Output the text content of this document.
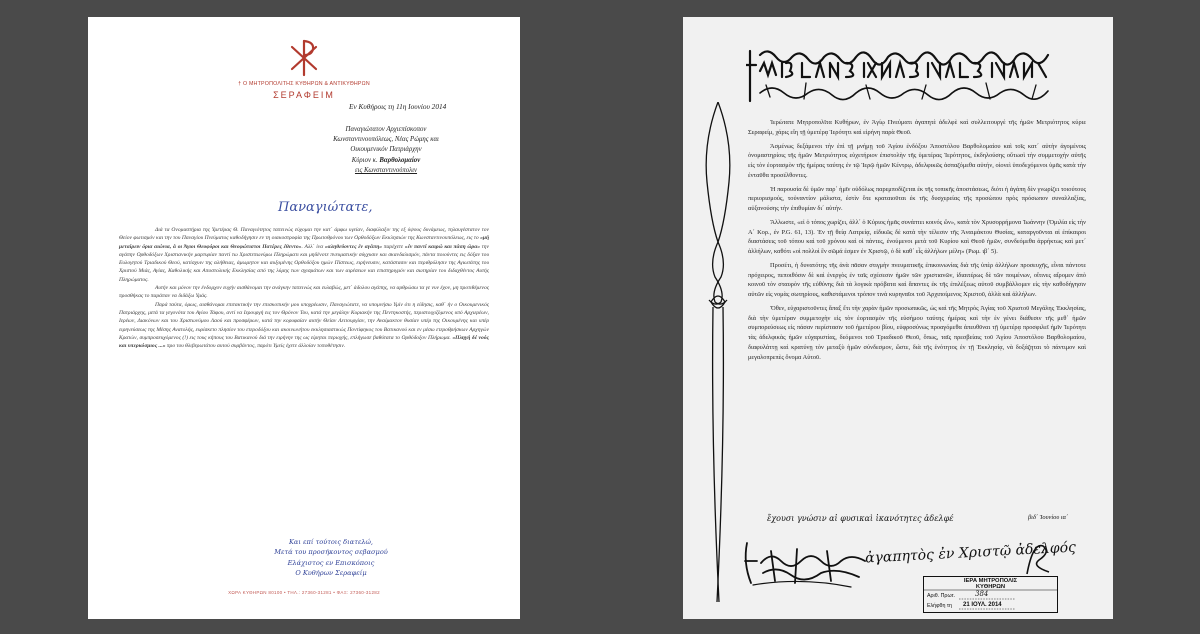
† Ο ΜΗΤΡΟΠΟΛΙΤΗΣ ΚΥΘΗΡΩΝ & ΑΝΤΙΚΥΘΗΡΩΝ
ΣΕΡΑΦΕΙΜ
Εν Κυθήροις τη 11η Ιουνίου 2014
Παναγιώτατον Αρχιεπίσκοπον
Κωνσταντινουπόλεως, Νέας Ρώμης και
Οικουμενικόν Πατριάρχην
Κύριον κ. Βαρθολομαίον
εις Κωνσταντινούπολιν
Παναγιώτατε,

Διά τα Ονομαστήρια της Υμετέρας Θ. Παναγιότητος ταπεινώς εύχομαι την κατ΄ άμφω υγείαν, διαφύλαξιν της εξ ύψους δυνάμεως, τηλαυγέστατον τον Θείον φωτισμόν και την του Παναγίου Πνεύματος καθοδήγησιν εν τη οιακοστροφία της Πρωτοθρόνου των Ορθοδόξων Εκκλησιών της Κωνσταντινουπόλεως, εις το «μή μεταίρειν όρια αιώνια, ά οι Άγιοι Θεοφόροι και Θεοφώτιστοι Πατέρες έθεντο». Αλλ΄ ίνα «αληθεύοντες έν αγάπη» παρέχετε «έν παντί καιρώ και πάση ώρα» την αγάπην Ορθοδόξων Χριστιανικήν μαρτυρίαν παντί τω Χριστεπωνύμω Πληρώματι και μηδένοτε πνευματικήν σύγχυσιν και σκανδαλισμόν, πάντα ποιούντες εις δόξαν του Ευλογητού Τριαδικού Θεού, κατίσχυιν της αλήθειας, άμωμητον και αυξομένης Ορθοδόξου ημών Πίστεως, ειρήνευσιν, κατάστασιν και περιθρύλησιν της Αγιωτάτης του Χριστού Μιάς, Αγίας, Καθολικής και Αποστολικής Εκκλησίας από της λύμης των σχισμάτων και των αιρέσεων και επιστηριγμόν και σωτηρίαν του διδαχθέντος Αυτής Πληρώματος.

Αυτήν και μόνον την ένδομχον ευχήν αισθάνομαι την ανάγκην ταπεινώς και ευλαβώς, μετ΄ άδολου αγάπης, να αρθρώσω τα γε νυν έχον, μη προτιθέμενος προσθήκας το παράπαν να διδάξω Υμάς.

Παρά ταύτα, όμως, αισθάνομαι επιτακτικήν την επισκοπικήν μου υποχρέωσιν, Παναγιώτατε, να υπομνήσω Υμίν ότι η είδησις, καθ΄ ήν ο Οικουμενικός Πατριάρχης, μετά τα γεγονότα του Αγίου Τάφου, αντί να Ιερουργή εις τον Θρόνον Του, κατά την μεγάλην Κυριακήν της Πεντηκοστής, περιστοιχιζόμενος υπό Αρχιερέων, Ιερέων, Διακόνων και του Χριστωνύμου Λαού και προσφέρων, κατά την κορυφαίαν αυτήν Θείαν Λειτουργίαν, την Αναίμακτον θυσίαν υπέρ της Οικουμένης και υπέρ ειρηνεύσεως της Μέσης Ανατολής, ευρίσκετο πλησίον του ετεροδόξου και ακοινωνήτου εκκλησιαστικώς Ποντίφηκος του Βατικανού και εν μέσω ετεροθρήσκων Αρχηγών Κρατών, συμπροσευχόμενος (!) εις τους κήπους του Βατικανού διά την ειρήνην της ως είρηται περιοχής, επλήγωσε βαθύτατα το Ορθόδοξον Πλήρωμα. «Πληγή δέ νοός και υπερκόσμιος ...» προ του θλιβερωτάτου αυτού συμβάντος, παρότι Υμείς έχετε άλλοίαν τοποθέτησιν.

Και επί τούτοις διατελώ,
Μετά του προσήκοντος σεβασμού
Ελάχιστος εν Επισκόποις
Ο Κυθήρων Σεραφείμ
ΧΩΡΑ ΚΥΘΗΡΩΝ 80100 • ΤΗΛ.: 27360-31281 • ΦΑΞ: 27360-31282

Ἱερώτατε Μητροπολῖτα Κυθήρων, ἐν Ἁγίῳ Πνεύματι ἀγαπητὲ ἀδελφὲ καὶ συλλειτουργὲ τῆς ἡμῶν Μετριότητος κύριε Σεραφείμ, χάρις εἴη τῇ ὑμετέρᾳ Ἱερότητι καὶ εἰρήνη παρὰ Θεοῦ.

Ἀσμένως δεξάμενοι τὴν ἐπὶ τῇ μνήμῃ τοῦ Ἁγίου ἐνδόξου Ἀποστόλου Βαρθολομαίου καὶ τοῖς κατ΄ αὐτὴν ἀγομένοις ὀνομαστηρίοις τῆς ἡμῶν Μετριότητος εὐχετήριον ἐπιστολὴν τῆς ὑμετέρας Ἱερότητος, ἐκδηλούσης οὕτωσὶ τὴν συμμετοχὴν αὐτῆς εἰς τὸν ἑορτασμὸν τῆς ἡμέρας ταύτης ἐν τῷ Ἱερῷ ἡμῶν Κέντρῳ, ἀδελφικῶς ἀσπαζόμεθα αὐτήν, οἱονεὶ ὑποδεχόμενοι ὑμᾶς κατὰ τὴν ἐνταῦθα προσέλθοντες.

Ἡ παρουσία δὲ ὑμῶν παρ΄ ἡμῖν οὐδόλως παρεμποδίζεται ἐκ τῆς τοπικῆς ἀποστάσεως, διότι ἡ ἀγάπη δὲν γνωρίζει τοιούτους περιορισμούς, τοὐναντίον μάλιστα, ἐστὶν ὅτε κραταιοῦται ἐκ τῆς δυσχερείας τῆς προσώπου πρὸς πρόσωπον συναλλαξίας, αὐξανούσης τὴν ἐπιθυμίαν δι΄ αὐτήν.

Ἄλλωστε, «εἰ ὁ τόπος χωρίζει, ἀλλ΄ ὁ Κύριος ἡμᾶς συνάπτει κοινός ὤν», κατὰ τὸν Χρυσορρήμονα Ἰωάννην (Ὁμιλία εἰς τὴν Α΄ Κορ., ἐν P.G. 61, 13). Ἐν τῇ θείᾳ Λατρείᾳ, εἰδικῶς δὲ κατὰ τὴν τέλεσιν τῆς Ἀναιμάκτου Θυσίας, καταργοῦνται αἱ ἐπίκαιροι διαστάσεις τοῦ τόπου καὶ τοῦ χρόνου καὶ οἱ πάντες, ἐνούμενοι μετὰ τοῦ Κυρίου καὶ Θεοῦ ἡμῶν, συνδεόμεθα ἀρρήκτως καὶ μετ΄ ἀλλήλων, καθότι «οἱ πολλοὶ ἓν σῶμά ἐσμεν ἐν Χριστῷ, ὁ δὲ καθ΄ εἷς ἀλλήλων μέλη» (Ρωμ. ιβ΄ 5).

Προσέτι, ἡ δυνατότης τῆς ἀνὰ πᾶσαν στιγμὴν πνευματικῆς ἐπικοινωνίας διὰ τῆς ὑπὲρ ἀλλήλων προσευχῆς, εἶναι πάντοτε πρόχειρος, πεποιθόσιν δὲ καὶ ἐνεργὸς ἐν ταῖς σχέσεσιν ἡμῶν τῶν χριστιανῶν, ἰδιαιτέρως δὲ τῶν ποιμένων, οἵτινες αἴρομεν ἀπὸ κοινοῦ τὸν σταυρὸν τῆς εὐθύνης διὰ τὰ λογικὰ πρόβατα καὶ ἅπαντες ἐκ τῆς ἐπιλέξεως αὐτοῦ συμβάλλομεν εἰς τὴν καθοδήγησιν αὐτῶν εἰς νομὰς σωτηρίους, καθιστάμενοι τρόπον τινὰ κυρηναῖοι τοῦ Ἀρχιποίμενος Χριστοῦ, ἀλλὰ καὶ ἀλλήλων.

Ὅθεν, εὐχαριστοῦντες ἅπαξ ἔτι τὴν χαρὰν ἡμῶν προσωπικῶς, ὡς καὶ τῆς Μητρὸς Ἁγίας τοῦ Χριστοῦ Μεγάλης Ἐκκλησίας, διὰ τὴν ὑμετέραν συμμετοχὴν εἰς τὸν ἑορτασμὸν τῆς εὐσήμου ταύτης ἡμέρας καὶ τὴν ἐν γένει διάθεσιν τῆς μεθ΄ ἡμῶν συμπορεύσεως εἰς πάσαν περίστασιν τοῦ ἡμετέρου βίου, εὐφροσύνως προαγόμεθα ἀπευθῦναι τῇ ὑμετέρᾳ προσφιλεῖ ἡμῖν Ἱερότητι τὰς ἀδελφικὰς ἡμῶν εὐχαριστίας, δεόμενοι τοῦ Τριαδικοῦ Θεοῦ, ὅπως, ταῖς πρεσβείαις τοῦ Ἁγίου Ἀποστόλου Βαρθολομαίου, διαφυλάττῃ καὶ κρατύνῃ τὸν μεταξὺ ἡμῶν σύνδεσμον, ὥστε, διὰ τῆς ἑνότητος ἐν τῇ Ἐκκλησίᾳ, νὰ δοξάζηται τὸ πάντιμον καὶ μεγαλοπρεπὲς ὄνομα Αὐτοῦ.

ἔχουσι γνώσιν αἱ φυσικαὶ ἰκανότητες ἀδελφέ	βιδ΄ Ἰουνίου ια΄
ἀγαπητὸς ἐν Χριστῷ ἀδελφός
ΙΕΡΑ ΜΗΤΡΟΠΟΛΙΣ
ΚΥΘΗΡΩΝ
Αριθ. Πρωτ.	384
Ελήφθη τη 21 ΙΟΥΛ. 2014
